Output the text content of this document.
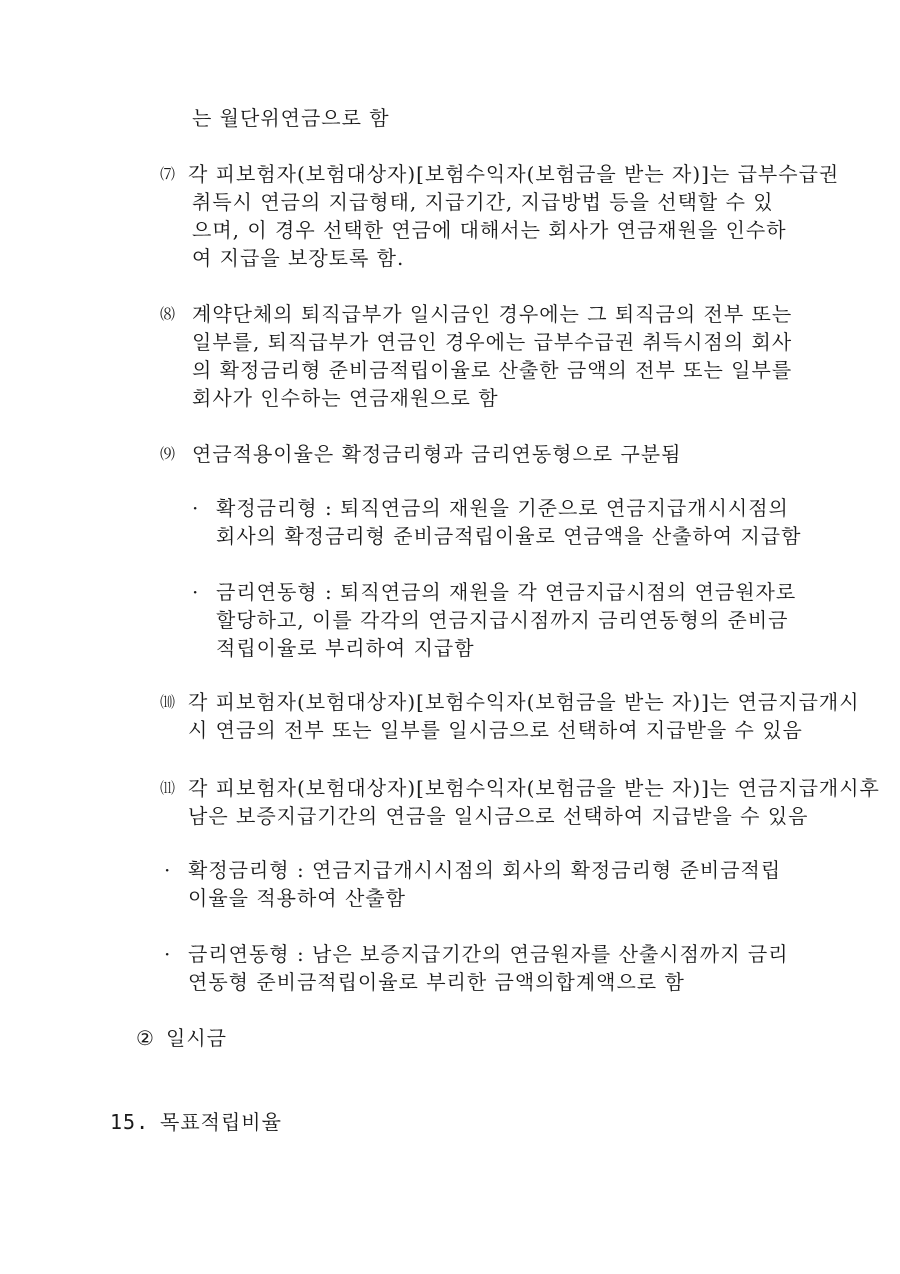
는 월단위연금으로 함
⑺ 각 피보험자(보험대상자)[보험수익자(보험금을 받는 자)]는 급부수급권
취득시 연금의 지급형태, 지급기간, 지급방법 등을 선택할 수 있
으며, 이 경우 선택한 연금에 대해서는 회사가 연금재원을 인수하
여 지급을 보장토록 함.
⑻ 계약단체의 퇴직급부가 일시금인 경우에는 그 퇴직금의 전부 또는
일부를, 퇴직급부가 연금인 경우에는 급부수급권 취득시점의 회사
의 확정금리형 준비금적립이율로 산출한 금액의 전부 또는 일부를
회사가 인수하는 연금재원으로 함
⑼ 연금적용이율은 확정금리형과 금리연동형으로 구분됨
· 확정금리형 : 퇴직연금의 재원을 기준으로 연금지급개시시점의
회사의 확정금리형 준비금적립이율로 연금액을 산출하여 지급함
· 금리연동형 : 퇴직연금의 재원을 각 연금지급시점의 연금원자로
할당하고, 이를 각각의 연금지급시점까지 금리연동형의 준비금
적립이율로 부리하여 지급함
⑽ 각 피보험자(보험대상자)[보험수익자(보험금을 받는 자)]는 연금지급개시
시 연금의 전부 또는 일부를 일시금으로 선택하여 지급받을 수 있음
⑾ 각 피보험자(보험대상자)[보험수익자(보험금을 받는 자)]는 연금지급개시후
남은 보증지급기간의 연금을 일시금으로 선택하여 지급받을 수 있음
· 확정금리형 : 연금지급개시시점의 회사의 확정금리형 준비금적립
이율을 적용하여 산출함
· 금리연동형 : 남은 보증지급기간의 연금원자를 산출시점까지 금리
연동형 준비금적립이율로 부리한 금액의합계액으로 함
② 일시금
15. 목표적립비율
